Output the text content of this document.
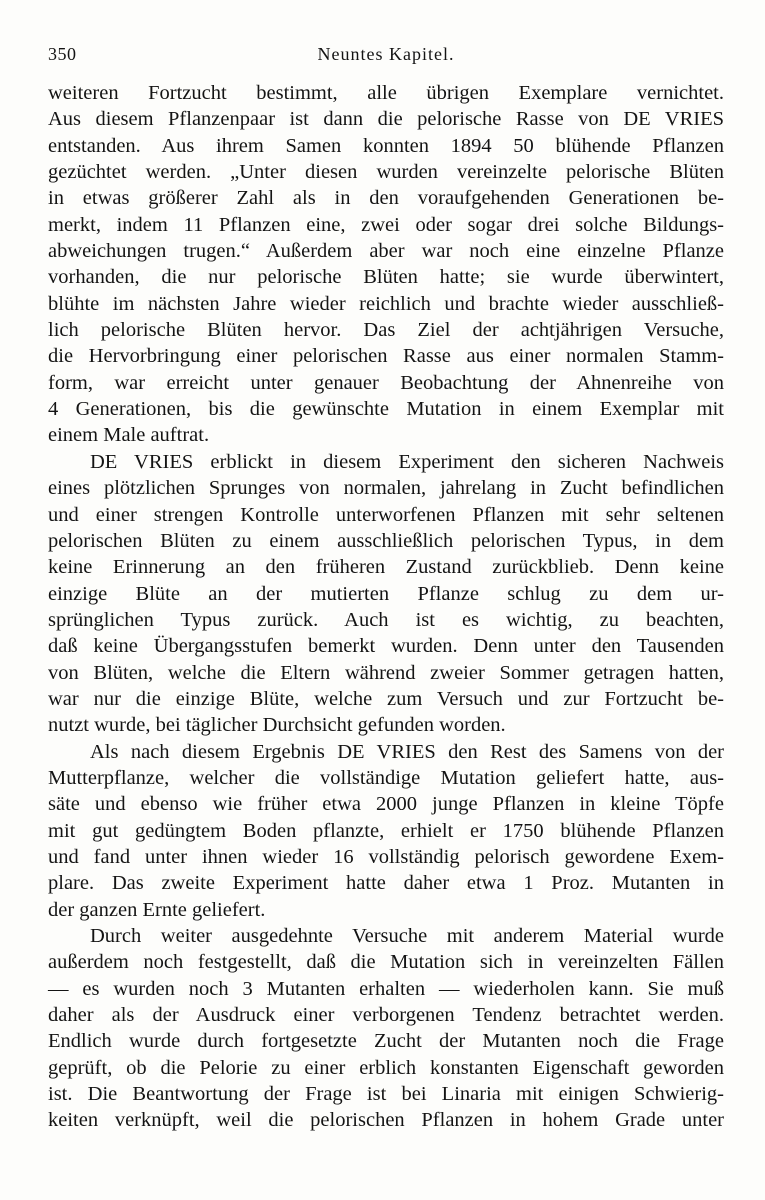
350	Neuntes Kapitel.
weiteren Fortzucht bestimmt, alle übrigen Exemplare vernichtet.
Aus diesem Pflanzenpaar ist dann die pelorische Rasse von DE VRIES
entstanden. Aus ihrem Samen konnten 1894 50 blühende Pflanzen
gezüchtet werden. „Unter diesen wurden vereinzelte pelorische Blüten
in etwas größerer Zahl als in den voraufgehenden Generationen be-
merkt, indem 11 Pflanzen eine, zwei oder sogar drei solche Bildungs-
abweichungen trugen.“ Außerdem aber war noch eine einzelne Pflanze
vorhanden, die nur pelorische Blüten hatte; sie wurde überwintert,
blühte im nächsten Jahre wieder reichlich und brachte wieder ausschließ-
lich pelorische Blüten hervor. Das Ziel der achtjährigen Versuche,
die Hervorbringung einer pelorischen Rasse aus einer normalen Stamm-
form, war erreicht unter genauer Beobachtung der Ahnenreihe von
4 Generationen, bis die gewünschte Mutation in einem Exemplar mit
einem Male auftrat.
DE VRIES erblickt in diesem Experiment den sicheren Nachweis
eines plötzlichen Sprunges von normalen, jahrelang in Zucht befindlichen
und einer strengen Kontrolle unterworfenen Pflanzen mit sehr seltenen
pelorischen Blüten zu einem ausschließlich pelorischen Typus, in dem
keine Erinnerung an den früheren Zustand zurückblieb. Denn keine
einzige Blüte an der mutierten Pflanze schlug zu dem ur-
sprünglichen Typus zurück. Auch ist es wichtig, zu beachten,
daß keine Übergangsstufen bemerkt wurden. Denn unter den Tausenden
von Blüten, welche die Eltern während zweier Sommer getragen hatten,
war nur die einzige Blüte, welche zum Versuch und zur Fortzucht be-
nutzt wurde, bei täglicher Durchsicht gefunden worden.
Als nach diesem Ergebnis DE VRIES den Rest des Samens von der
Mutterpflanze, welcher die vollständige Mutation geliefert hatte, aus-
säte und ebenso wie früher etwa 2000 junge Pflanzen in kleine Töpfe
mit gut gedüngtem Boden pflanzte, erhielt er 1750 blühende Pflanzen
und fand unter ihnen wieder 16 vollständig pelorisch gewordene Exem-
plare. Das zweite Experiment hatte daher etwa 1 Proz. Mutanten in
der ganzen Ernte geliefert.
Durch weiter ausgedehnte Versuche mit anderem Material wurde
außerdem noch festgestellt, daß die Mutation sich in vereinzelten Fällen
— es wurden noch 3 Mutanten erhalten — wiederholen kann. Sie muß
daher als der Ausdruck einer verborgenen Tendenz betrachtet werden.
Endlich wurde durch fortgesetzte Zucht der Mutanten noch die Frage
geprüft, ob die Pelorie zu einer erblich konstanten Eigenschaft geworden
ist. Die Beantwortung der Frage ist bei Linaria mit einigen Schwierig-
keiten verknüpft, weil die pelorischen Pflanzen in hohem Grade unter
